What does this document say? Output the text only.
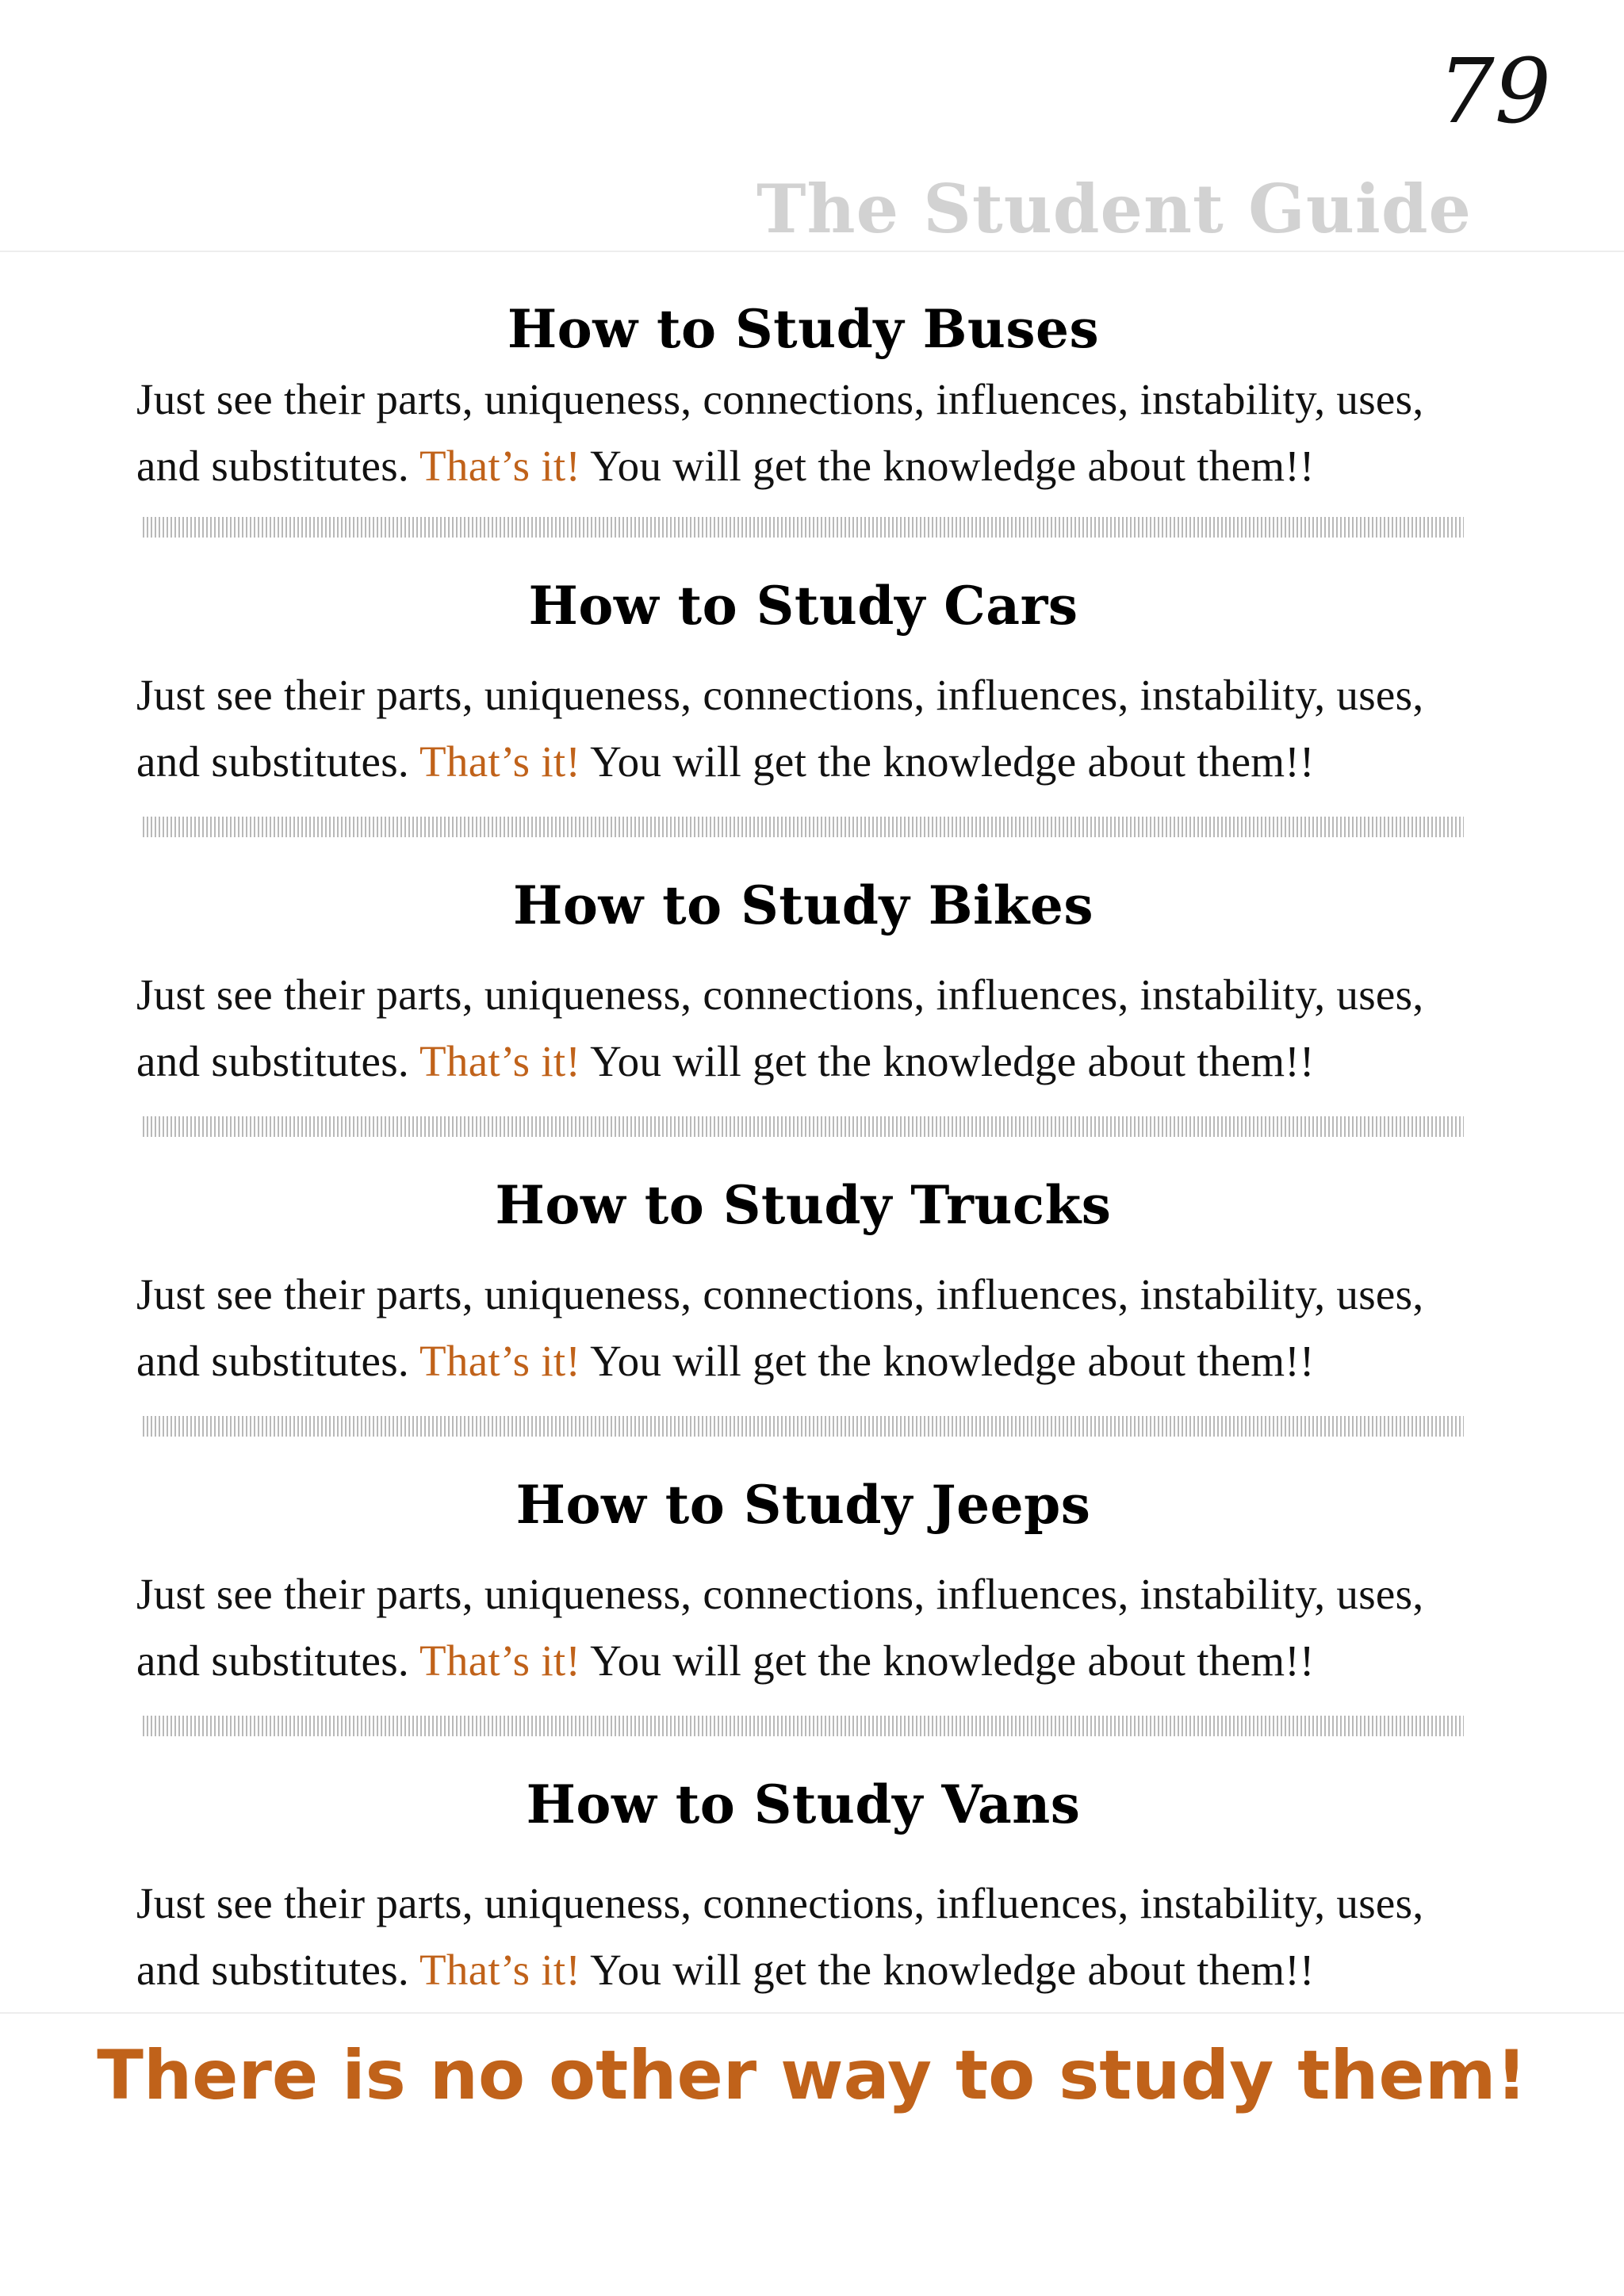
79
The Student Guide
How to Study Buses

Just see their parts, uniqueness, connections, influences, instability, uses,
and substitutes. That’s it! You will get the knowledge about them!!

How to Study Cars

Just see their parts, uniqueness, connections, influences, instability, uses,
and substitutes. That’s it! You will get the knowledge about them!!

How to Study Bikes

Just see their parts, uniqueness, connections, influences, instability, uses,
and substitutes. That’s it! You will get the knowledge about them!!

How to Study Trucks

Just see their parts, uniqueness, connections, influences, instability, uses,
and substitutes. That’s it! You will get the knowledge about them!!

How to Study Jeeps

Just see their parts, uniqueness, connections, influences, instability, uses,
and substitutes. That’s it! You will get the knowledge about them!!

How to Study Vans

Just see their parts, uniqueness, connections, influences, instability, uses,
and substitutes. That’s it! You will get the knowledge about them!!

There is no other way to study them!
